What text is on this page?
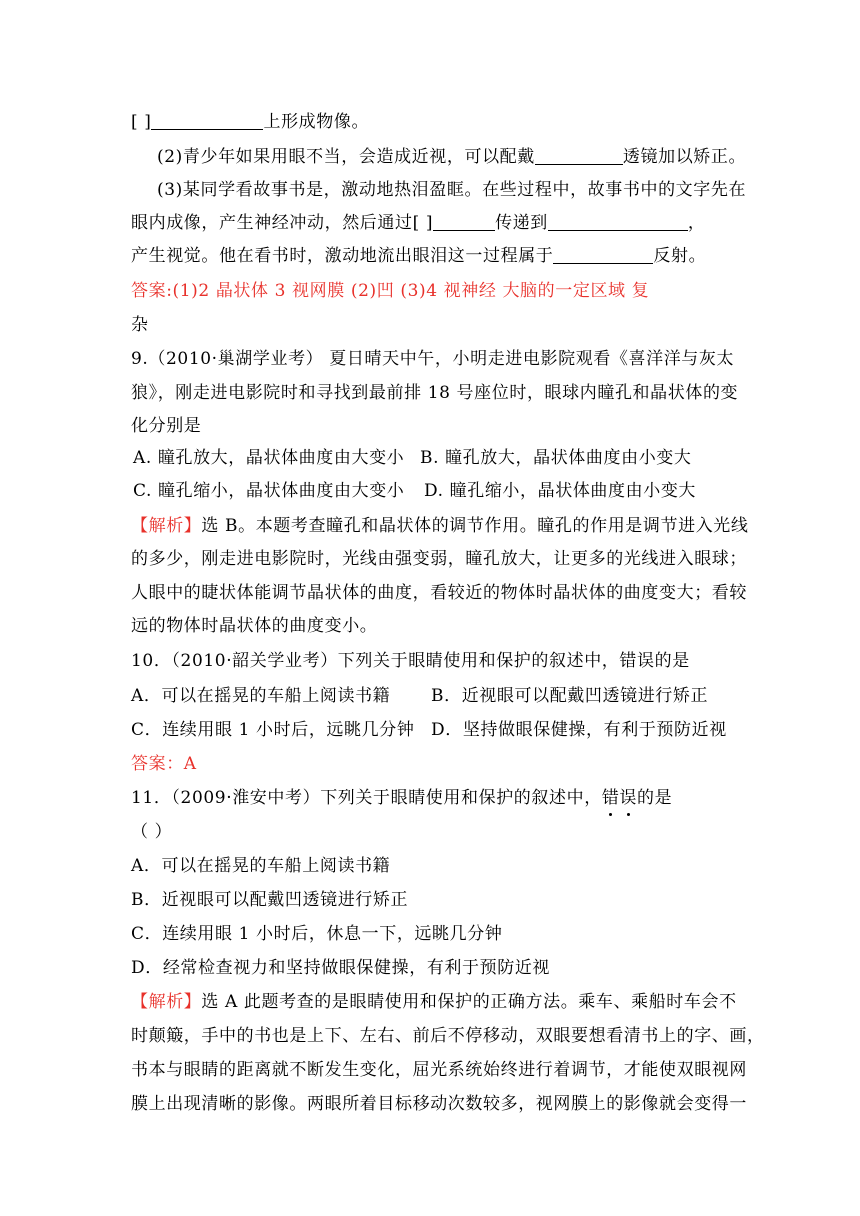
[ ]	上形成物像。
(2)青少年如果用眼不当，会造成近视，可以配戴	透镜加以矫正。
(3)某同学看故事书是，激动地热泪盈眶。在些过程中，故事书中的文字先在
眼内成像，产生神经冲动，然后通过[ ]	传递到	，
产生视觉。他在看书时，激动地流出眼泪这一过程属于	反射。
答案:(1)2 晶状体 3 视网膜 (2)凹 (3)4 视神经 大脑的一定区域 复
杂
9.（2010·巢湖学业考） 夏日晴天中午，小明走进电影院观看《喜洋洋与灰太
狼》，刚走进电影院时和寻找到最前排 18 号座位时，眼球内瞳孔和晶状体的变
化分别是
A. 瞳孔放大，晶状体曲度由大变小 B. 瞳孔放大，晶状体曲度由小变大
C. 瞳孔缩小，晶状体曲度由大变小 D. 瞳孔缩小，晶状体曲度由小变大
【解析】选 B。本题考查瞳孔和晶状体的调节作用。瞳孔的作用是调节进入光线
的多少，刚走进电影院时，光线由强变弱，瞳孔放大，让更多的光线进入眼球；
人眼中的睫状体能调节晶状体的曲度，看较近的物体时晶状体的曲度变大；看较
远的物体时晶状体的曲度变小。
10．（2010·韶关学业考）下列关于眼睛使用和保护的叙述中，错误的是
A．可以在摇晃的车船上阅读书籍 B．近视眼可以配戴凹透镜进行矫正
C．连续用眼 1 小时后，远眺几分钟 D．坚持做眼保健操，有利于预防近视
答案：A
11．（2009·淮安中考）下列关于眼睛使用和保护的叙述中，错误的是
（ ）
A．可以在摇晃的车船上阅读书籍
B．近视眼可以配戴凹透镜进行矫正
C．连续用眼 1 小时后，休息一下，远眺几分钟
D．经常检查视力和坚持做眼保健操，有利于预防近视
【解析】选 A 此题考查的是眼睛使用和保护的正确方法。乘车、乘船时车会不
时颠簸，手中的书也是上下、左右、前后不停移动，双眼要想看清书上的字、画，
书本与眼睛的距离就不断发生变化，屈光系统始终进行着调节，才能使双眼视网
膜上出现清晰的影像。两眼所着目标移动次数较多，视网膜上的影像就会变得一
